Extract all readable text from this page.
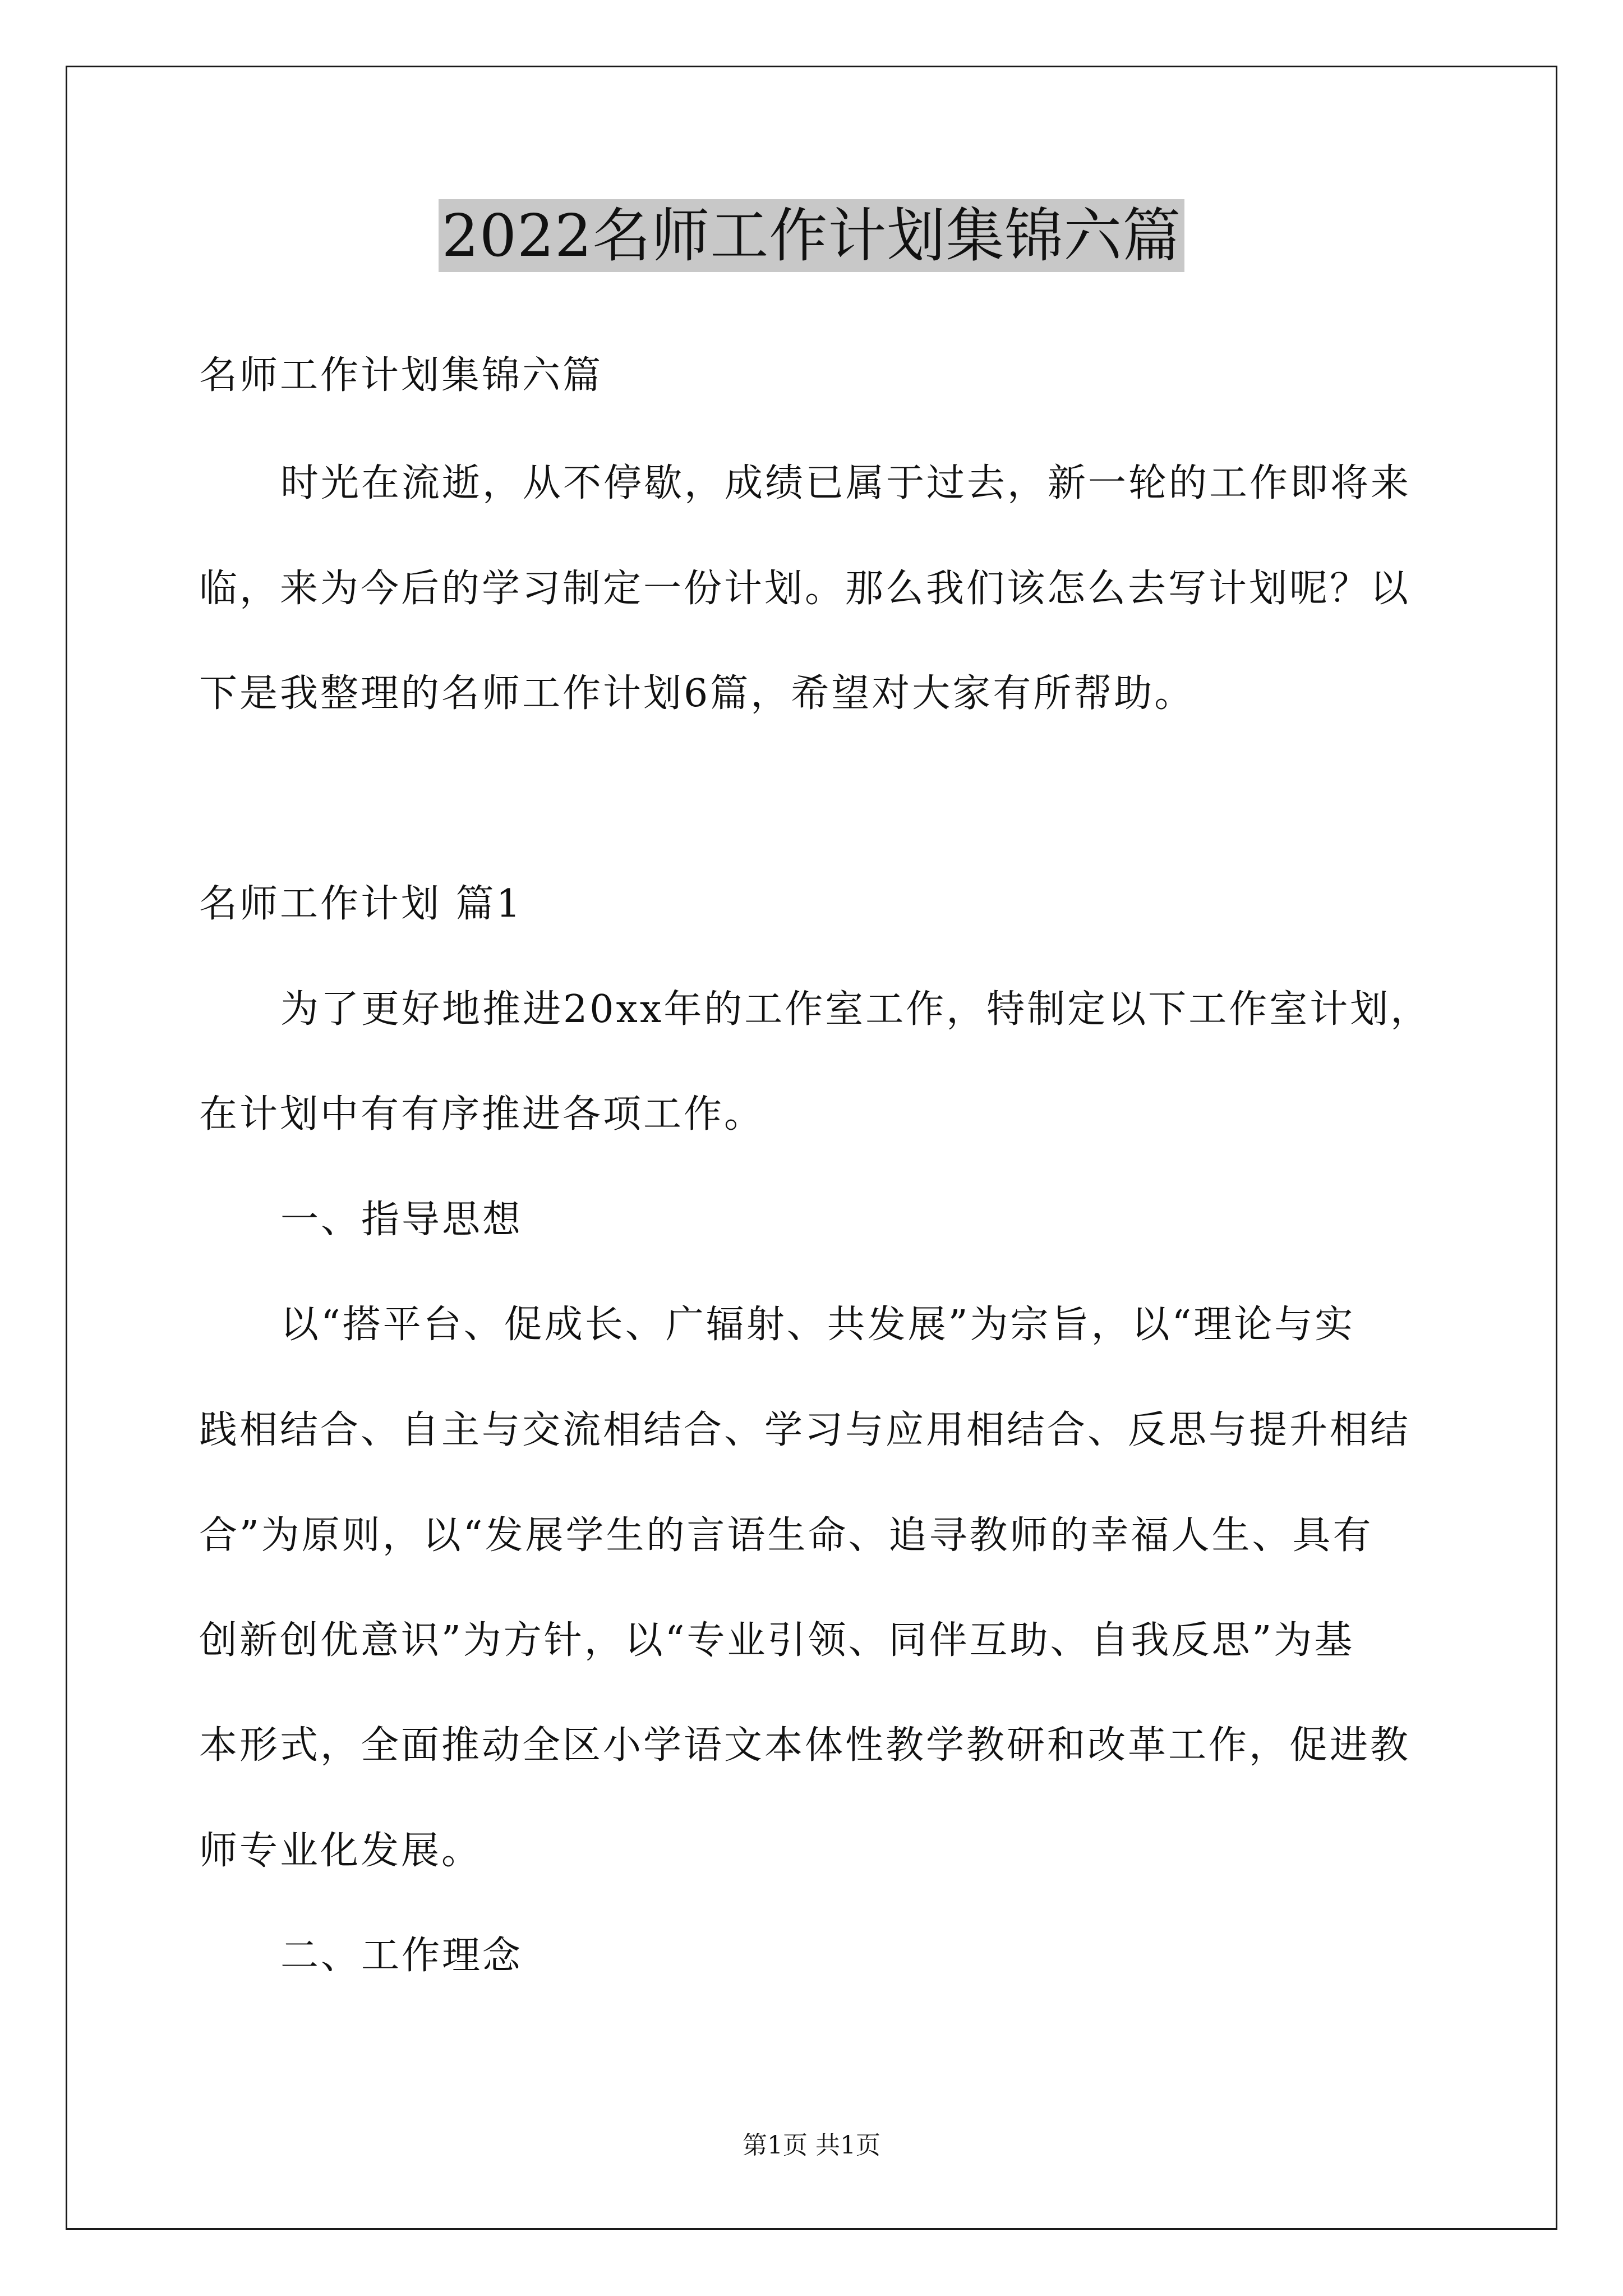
2022名师工作计划集锦六篇
名师工作计划集锦六篇
时光在流逝，从不停歇，成绩已属于过去，新一轮的工作即将来
临，来为今后的学习制定一份计划。那么我们该怎么去写计划呢？以
下是我整理的名师工作计划6篇，希望对大家有所帮助。
名师工作计划 篇1
为了更好地推进20xx年的工作室工作，特制定以下工作室计划，
在计划中有有序推进各项工作。
一、指导思想
以“搭平台、促成长、广辐射、共发展”为宗旨，以“理论与实
践相结合、自主与交流相结合、学习与应用相结合、反思与提升相结
合”为原则，以“发展学生的言语生命、追寻教师的幸福人生、具有
创新创优意识”为方针，以“专业引领、同伴互助、自我反思”为基
本形式，全面推动全区小学语文本体性教学教研和改革工作，促进教
师专业化发展。
二、工作理念
第1页 共1页
